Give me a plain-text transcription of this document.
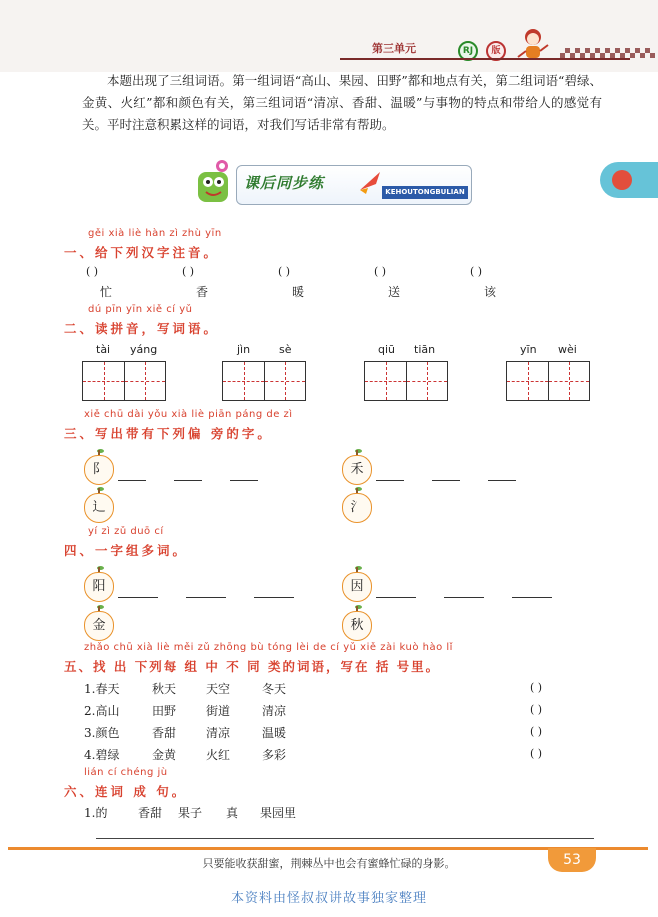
第三单元	RJ	版
本题出现了三组词语。第一组词语“高山、果园、田野”都和地点有关，第二组词语“碧绿、金黄、火红”都和颜色有关，第三组词语“清凉、香甜、温暖”与事物的特点和带给人的感觉有关。平时注意积累这样的词语，对我们写话非常有帮助。
课后同步练	KEHOUTONGBULIAN
gěi xià liè hàn zì zhù yīn
一、给下列汉字注音。
( )	( )	( )	( )	( )
忙	香	暖	送	该
dú pīn yīn xiě cí yǔ
二、读拼音，写词语。
tài yáng	jìn	sè	qiū tiān	yīn wèi
xiě chū dài yǒu xià liè piān páng de zì
三、写出带有下列偏 旁的字。
阝	禾
辶	氵
yí zì zǔ duō cí
四、一字组多词。
阳	因
金	秋
zhǎo chū xià liè měi zǔ zhōng bù tóng lèi de cí yǔ xiě zài kuò hào lǐ
五、找 出 下列每 组 中 不 同 类的词语，写在 括 号里。
1.春天	秋天 天空	冬天	( )
2.高山	田野 街道	清凉	( )
3.颜色	香甜 清凉	温暖	( )
4.碧绿	金黄 火红	多彩	( )
lián cí chéng jù
六、连词 成 句。
1.的	香甜 果子 真 果园里
只要能收获甜蜜，荆棘丛中也会有蜜蜂忙碌的身影。	53
本资料由怪叔叔讲故事独家整理
